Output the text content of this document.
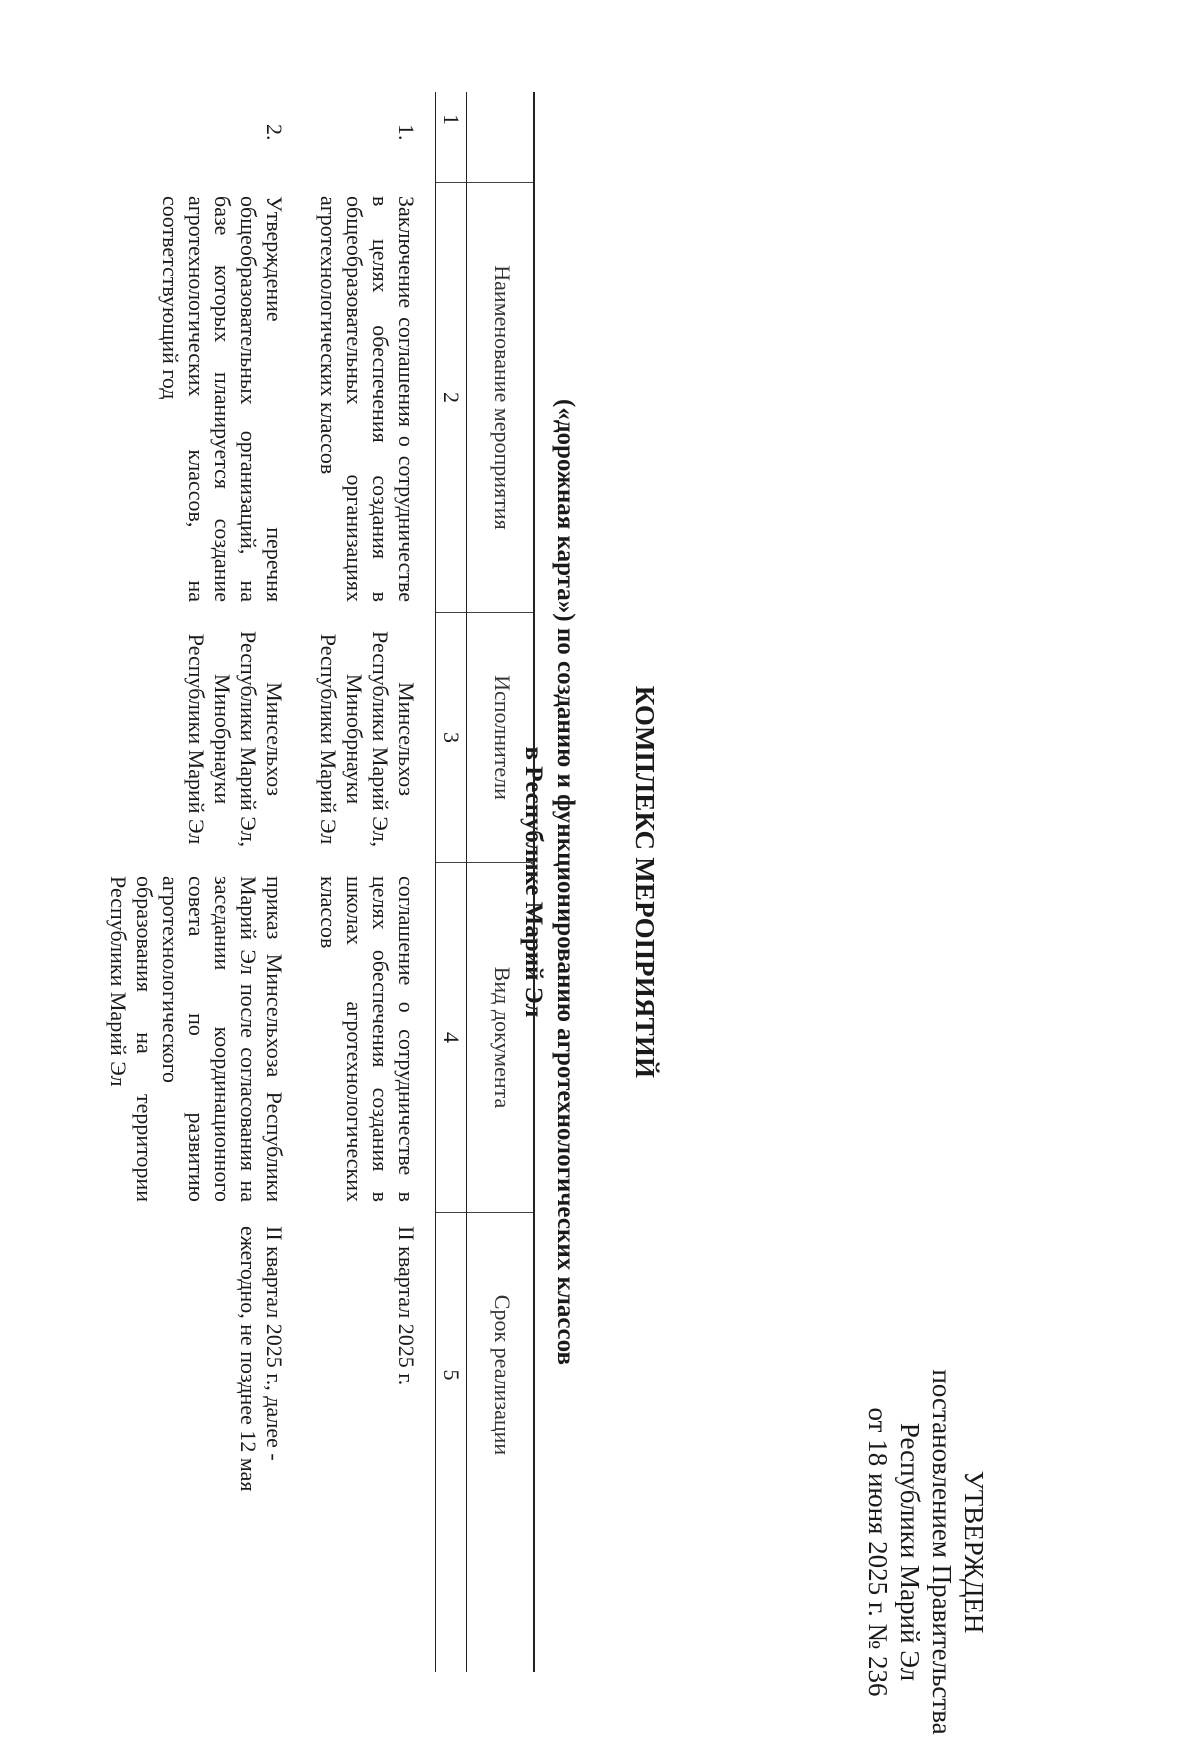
УТВЕРЖДЕН
постановлением Правительства
Республики Марий Эл
от 18 июня 2025 г. № 236
КОМПЛЕКС МЕРОПРИЯТИЙ
(«дорожная карта») по созданию и функционированию агротехнологических классов
в Республике Марий Эл
Наименование мероприятия
Исполнители
Вид документа
Срок реализации
1
2
3
4
5
1.
Заключение соглашения о сотрудничестве в целях обеспечения создания в общеобразовательных организациях агротехнологических классов
Минсельхоз Республики Марий Эл, Минобрнауки Республики Марий Эл
соглашение о сотрудничестве в целях обеспечения создания в школах агротехнологических классов
II квартал 2025 г.
2.
Утверждение перечня общеобразовательных организаций, на базе которых планируется создание агротехнологических классов, на соответствующий год
Минсельхоз Республики Марий Эл, Минобрнауки Республики Марий Эл
приказ Минсельхоза Республики Марий Эл после согласования на заседании координационного совета по развитию агротехнологического образования на территории Республики Марий Эл
II квартал 2025 г., далее - ежегодно, не позднее 12 мая
